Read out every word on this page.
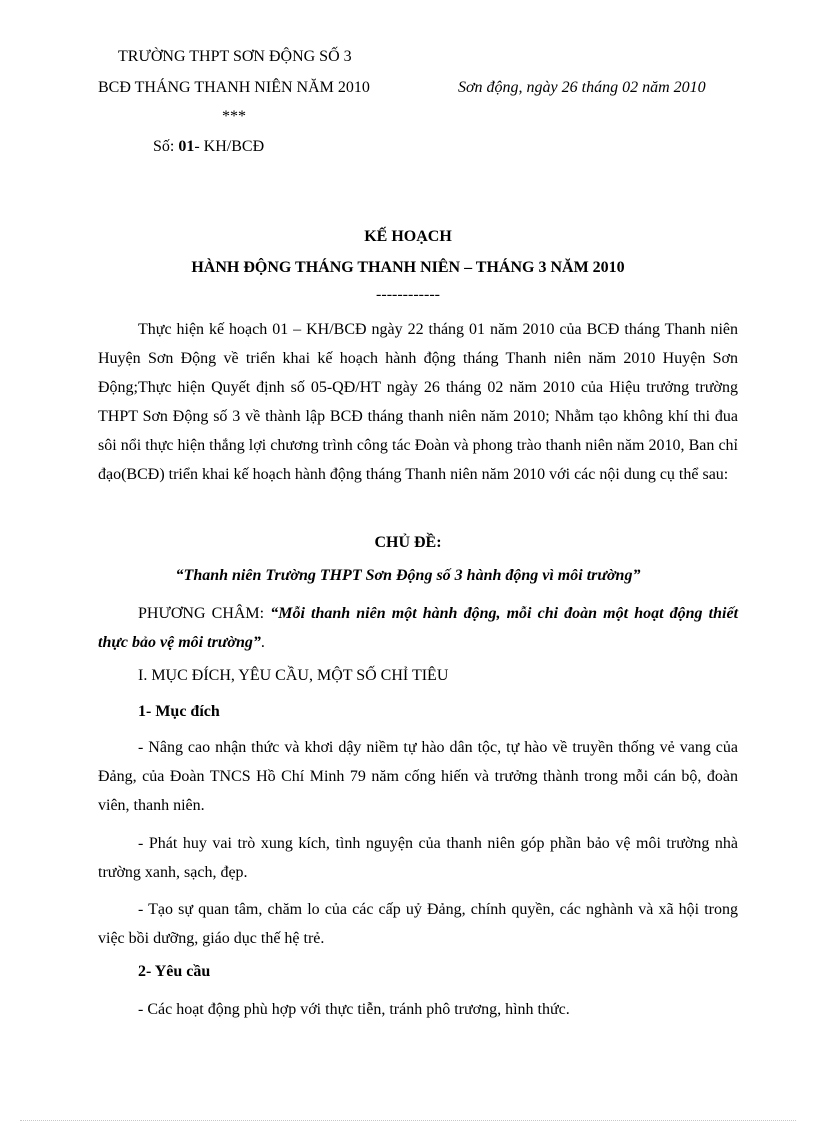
TRƯỜNG THPT SƠN ĐỘNG SỐ 3
BCĐ THÁNG THANH NIÊN NĂM 2010	Sơn động, ngày 26 tháng 02 năm 2010
***
Số: 01- KH/BCĐ
KẾ HOẠCH
HÀNH ĐỘNG THÁNG THANH NIÊN – THÁNG 3 NĂM 2010
------------

Thực hiện kế hoạch 01 – KH/BCĐ ngày 22 tháng 01 năm 2010 của BCĐ tháng Thanh niên Huyện Sơn Động về triển khai kế hoạch hành động tháng Thanh niên năm 2010 Huyện Sơn Động;Thực hiện Quyết định số 05-QĐ/HT ngày 26 tháng 02 năm 2010 của Hiệu trưởng trường THPT Sơn Động số 3 về thành lập BCĐ tháng thanh niên năm 2010; Nhằm tạo không khí thi đua sôi nổi thực hiện thắng lợi chương trình công tác Đoàn và phong trào thanh niên năm 2010, Ban chỉ đạo(BCĐ) triển khai kế hoạch hành động tháng Thanh niên năm 2010 với các nội dung cụ thể sau:

CHỦ ĐỀ:
“Thanh niên Trường THPT Sơn Động số 3 hành động vì môi trường”

PHƯƠNG CHÂM: “Mỗi thanh niên một hành động, mỗi chi đoàn một hoạt động thiết thực bảo vệ môi trường”.

I. MỤC ĐÍCH, YÊU CẦU, MỘT SỐ CHỈ TIÊU
1- Mục đích

- Nâng cao nhận thức và khơi dậy niềm tự hào dân tộc, tự hào về truyền thống vẻ vang của Đảng, của Đoàn TNCS Hồ Chí Minh 79 năm cống hiến và trưởng thành trong mỗi cán bộ, đoàn viên, thanh niên.

- Phát huy vai trò xung kích, tình nguyện của thanh niên góp phần bảo vệ môi trường nhà trường xanh, sạch, đẹp.

- Tạo sự quan tâm, chăm lo của các cấp uỷ Đảng, chính quyền, các nghành và xã hội trong việc bồi dưỡng, giáo dục thế hệ trẻ.

2- Yêu cầu

- Các hoạt động phù hợp với thực tiễn, tránh phô trương, hình thức.
